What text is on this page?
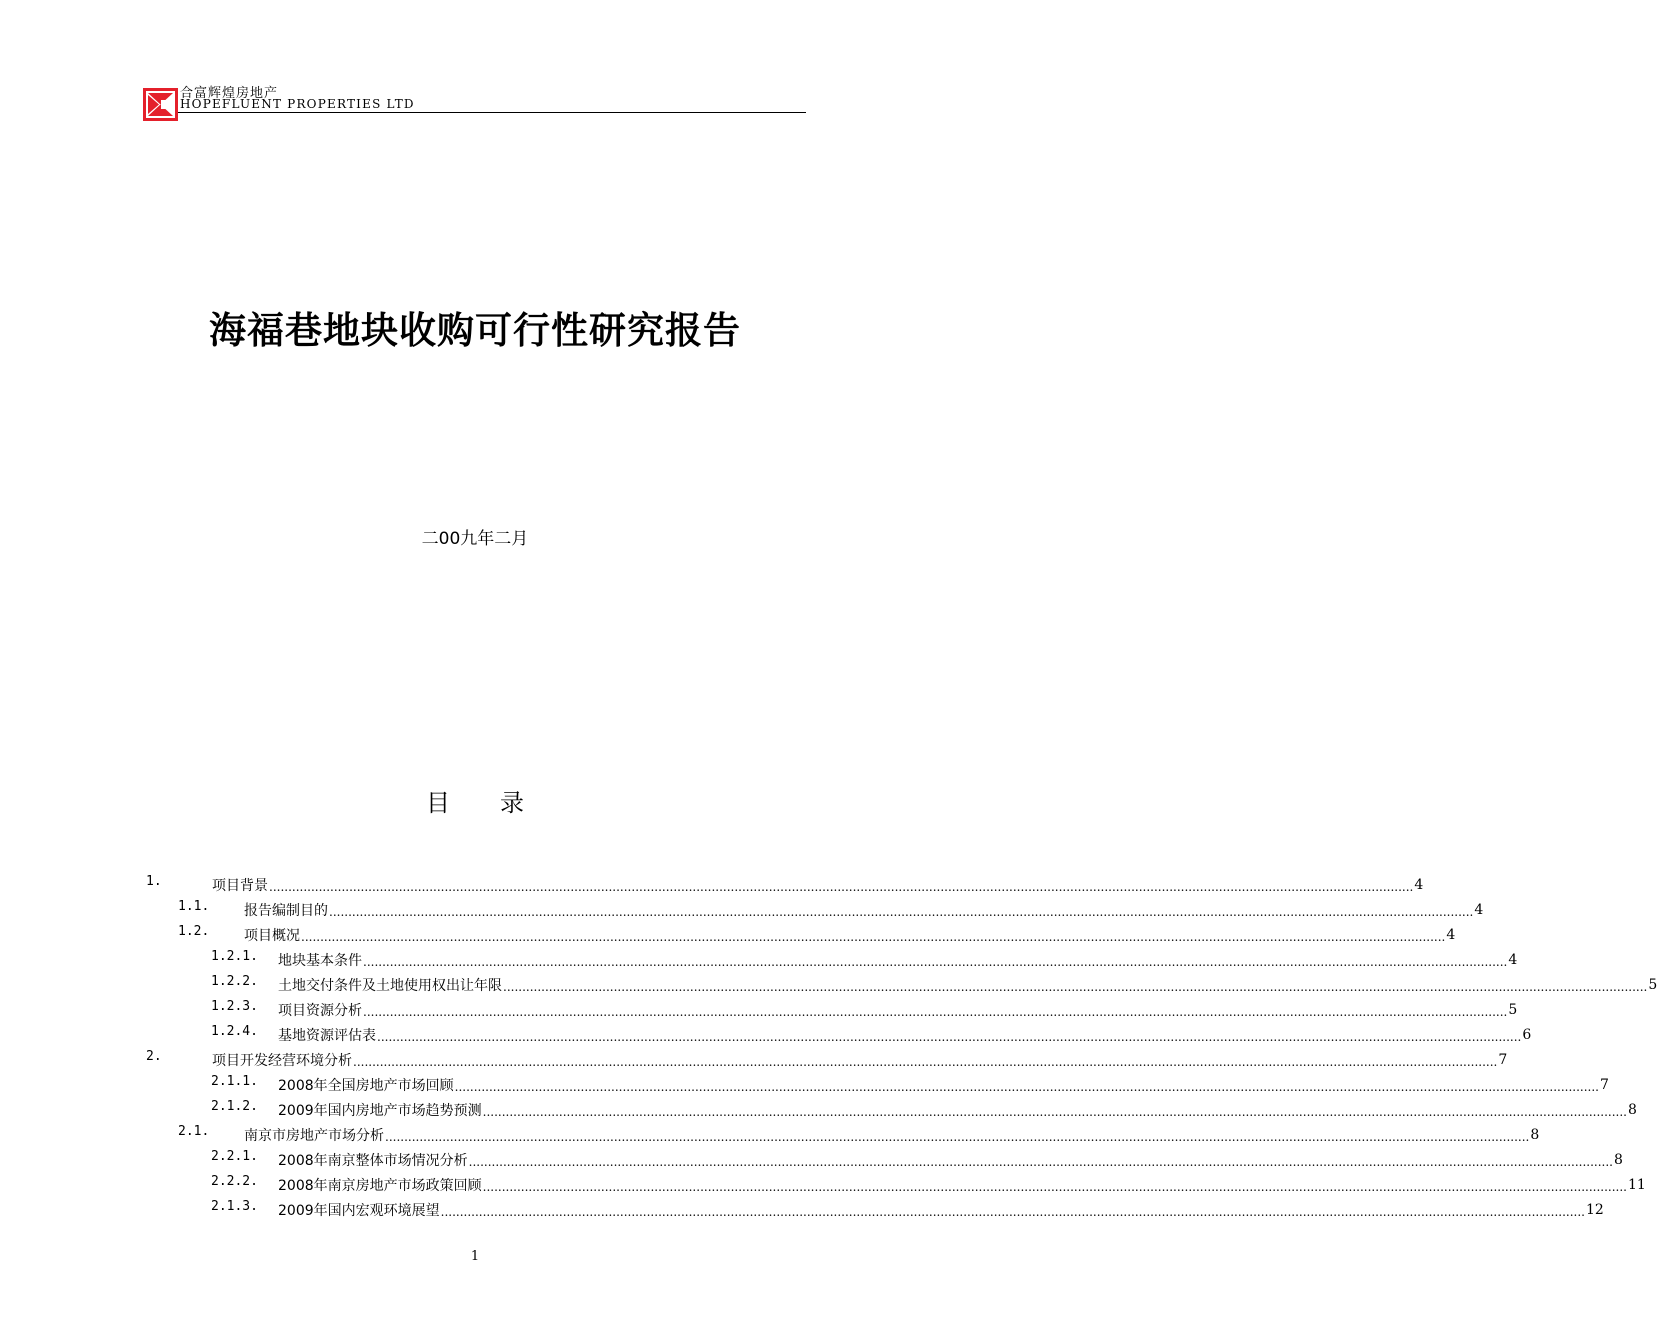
合富辉煌房地产
HOPEFLUENT PROPERTIES LTD
海福巷地块收购可行性研究报告
二00九年二月
目 录
1.	项目背景 ............................................................................................................................................................................................................................................................................................................ 4
1.1. 报告编制目的 ............................................................................................................................................................................................................................................................................................................ 4
1.2. 项目概况 ............................................................................................................................................................................................................................................................................................................ 4
1.2.1. 地块基本条件 ............................................................................................................................................................................................................................................................................................................ 4
1.2.2. 土地交付条件及土地使用权出让年限 ............................................................................................................................................................................................................................................................................................................ 5
1.2.3. 项目资源分析 ............................................................................................................................................................................................................................................................................................................ 5
1.2.4. 基地资源评估表 ............................................................................................................................................................................................................................................................................................................ 6
2.	项目开发经营环境分析 ............................................................................................................................................................................................................................................................................................................ 7
2.1.1. 2008年全国房地产市场回顾 ............................................................................................................................................................................................................................................................................................................ 7
2.1.2. 2009年国内房地产市场趋势预测 ............................................................................................................................................................................................................................................................................................................ 8
2.1. 南京市房地产市场分析 ............................................................................................................................................................................................................................................................................................................ 8
2.2.1. 2008年南京整体市场情况分析 ............................................................................................................................................................................................................................................................................................................ 8
2.2.2. 2008年南京房地产市场政策回顾 ............................................................................................................................................................................................................................................................................................................ 11
2.1.3. 2009年国内宏观环境展望 ............................................................................................................................................................................................................................................................................................................ 12
1
